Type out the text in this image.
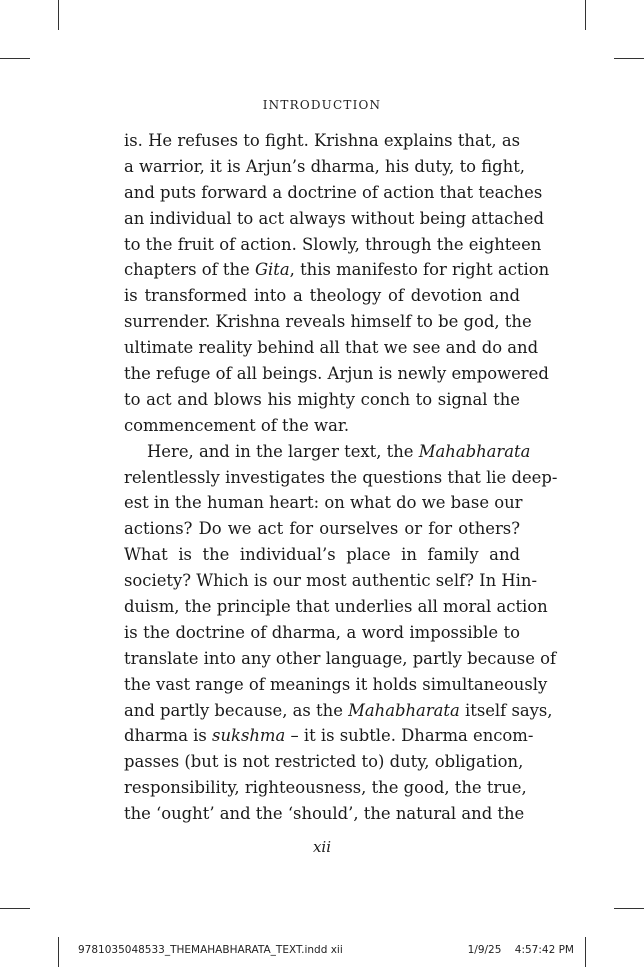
INTRODUCTION
is. He refuses to fight. Krishna explains that, as
a warrior, it is Arjun’s dharma, his duty, to fight,
and puts forward a doctrine of action that teaches
an individual to act always without being attached
to the fruit of action. Slowly, through the eighteen
chapters of the Gita, this manifesto for right action
is transformed into a theology of devotion and
surrender. Krishna reveals himself to be god, the
ultimate reality behind all that we see and do and
the refuge of all beings. Arjun is newly empowered
to act and blows his mighty conch to signal the
commencement of the war.
Here, and in the larger text, the Mahabharata
relentlessly investigates the questions that lie deep-
est in the human heart: on what do we base our
actions? Do we act for ourselves or for others?
What is the individual’s place in family and
society? Which is our most authentic self? In Hin-
duism, the principle that underlies all moral action
is the doctrine of dharma, a word impossible to
translate into any other language, partly because of
the vast range of meanings it holds simultaneously
and partly because, as the Mahabharata itself says,
dharma is sukshma – it is subtle. Dharma encom-
passes (but is not restricted to) duty, obligation,
responsibility, righteousness, the good, the true,
the ‘ought’ and the ‘should’, the natural and the
xii
9781035048533_THEMAHABHARATA_TEXT.indd xii	1/9/25 4:57:42 PM
